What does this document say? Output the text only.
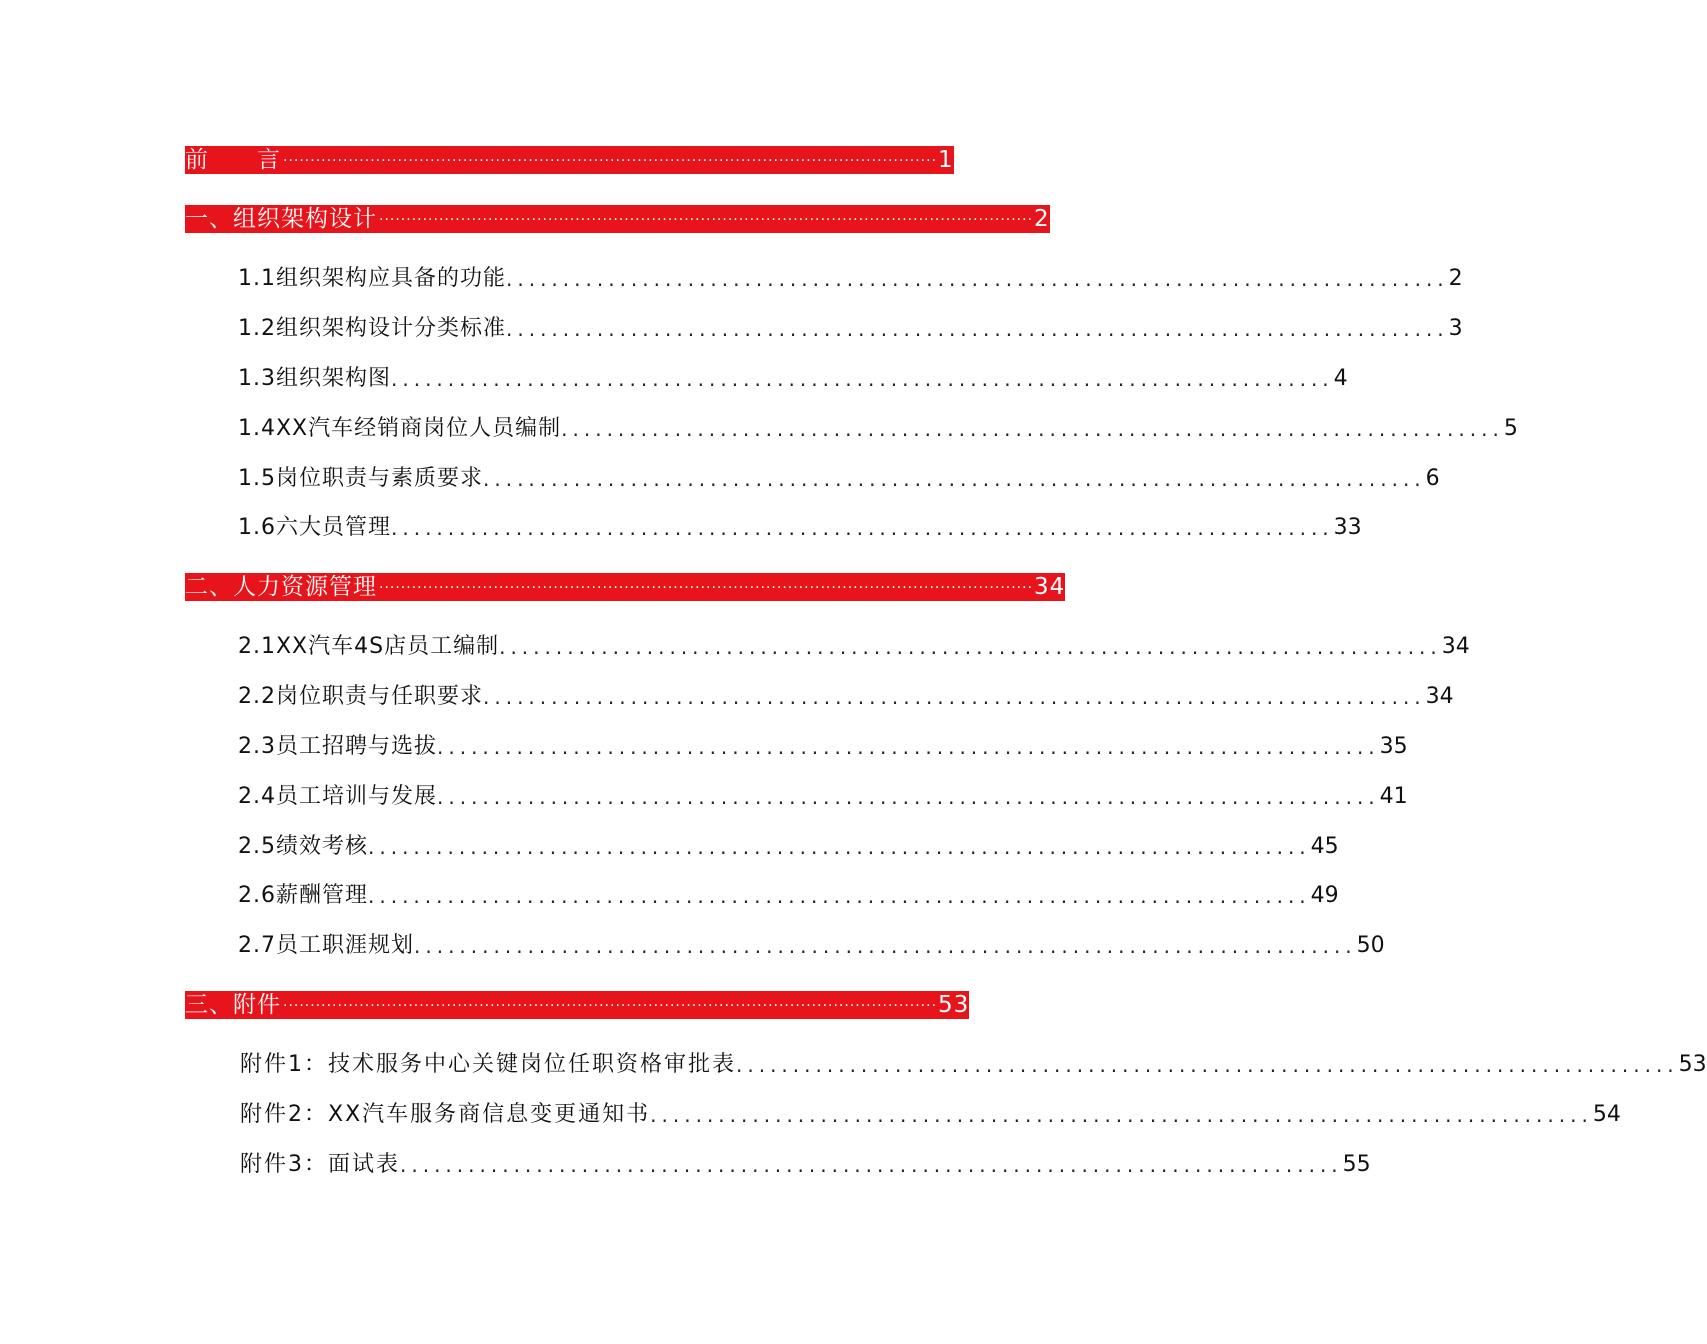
前　　言 ........................................................................................................................ 1
一、组织架构设计 ........................................................................................................................ 2
1.1组织架构应具备的功能 ................................................................................... 2
1.2组织架构设计分类标准 ................................................................................... 3
1.3组织架构图 ................................................................................... 4
1.4XX汽车经销商岗位人员编制 ................................................................................... 5
1.5岗位职责与素质要求 ................................................................................... 6
1.6六大员管理 ................................................................................... 33
二、人力资源管理 ........................................................................................................................ 34
2.1XX汽车4S店员工编制 ................................................................................... 34
2.2岗位职责与任职要求 ................................................................................... 34
2.3员工招聘与选拔 ................................................................................... 35
2.4员工培训与发展 ................................................................................... 41
2.5绩效考核 ................................................................................... 45
2.6薪酬管理 ................................................................................... 49
2.7员工职涯规划 ................................................................................... 50
三、附件 ........................................................................................................................ 53
附件1：技术服务中心关键岗位任职资格审批表 ................................................................................... 53
附件2：XX汽车服务商信息变更通知书 ................................................................................... 54
附件3：面试表 ................................................................................... 55
